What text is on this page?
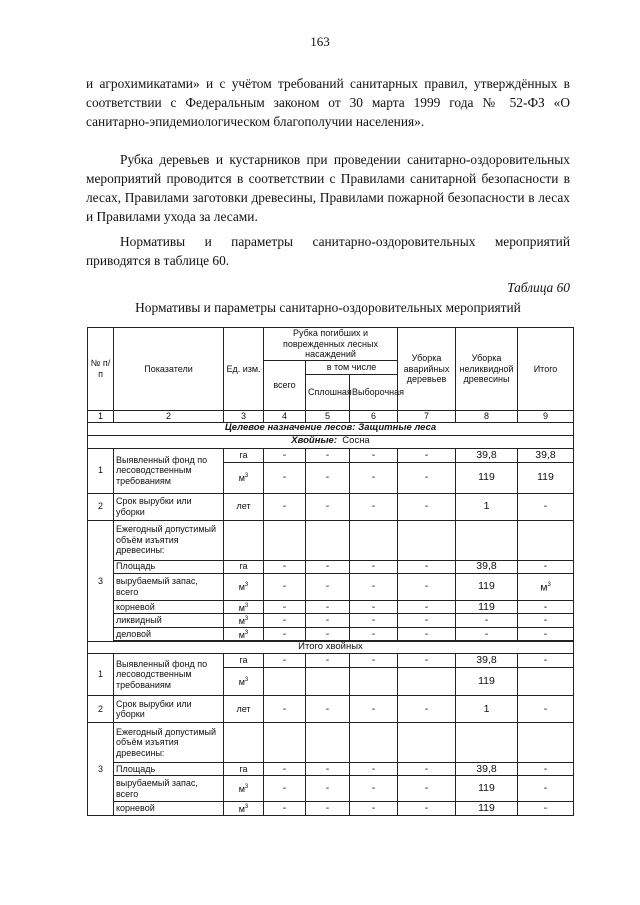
163

и агрохимикатами» и с учётом требований санитарных правил, утверждённых в соответствии с Федеральным законом от 30 марта 1999 года № 52-ФЗ «О санитарно-эпидемиологическом благополучии населения».

Рубка деревьев и кустарников при проведении санитарно-оздоровительных мероприятий проводится в соответствии с Правилами санитарной безопасности в лесах, Правилами заготовки древесины, Правилами пожарной безопасности в лесах и Правилами ухода за лесами.

Нормативы и параметры санитарно-оздоровительных мероприятий приводятся в таблице 60.

Таблица 60
Нормативы и параметры санитарно-оздоровительных мероприятий
№ п/п	Показатели	Ед. изм.	Рубка погибших и поврежденных лесных насаждений			Уборка аварийных деревьев	Уборка неликвидной древесины	Итого
			всего	в том числе				
				Сплошная	Выборочная			
1	2	3	4	5	6	7	8	9
Целевое назначение лесов: Защитные леса								
Хвойные: Сосна								
1	Выявленный фонд по лесоводственным требованиям	га	-	-	-	-	39,8	39,8
		$м^3$	-	-	-	-	119	119
2	Срок вырубки или уборки	лет	-	-	-	-	1	-
3	Ежегодный допустимый объём изъятия древесины:							
	Площадь	га	-	-	-	-	39,8	-
	вырубаемый запас, всего	$м^3$	-	-	-	-	119	$м^3$
	корневой	$м^3$	-	-	-	-	119	-
	ликвидный	$м^3$	-	-	-	-	-	-
	деловой	$м^3$	-	-	-	-	-	-

Итого хвойных								
1	Выявленный фонд по лесоводственным требованиям	га	-	-	-	-	39,8	-
		$м^3$					119	
2	Срок вырубки или уборки	лет	-	-	-	-	1	-
3	Ежегодный допустимый объём изъятия древесины:							
	Площадь	га	-	-	-	-	39,8	-
	вырубаемый запас, всего	$м^3$	-	-	-	-	119	-
	корневой	$м^3$	-	-	-	-	119	-
